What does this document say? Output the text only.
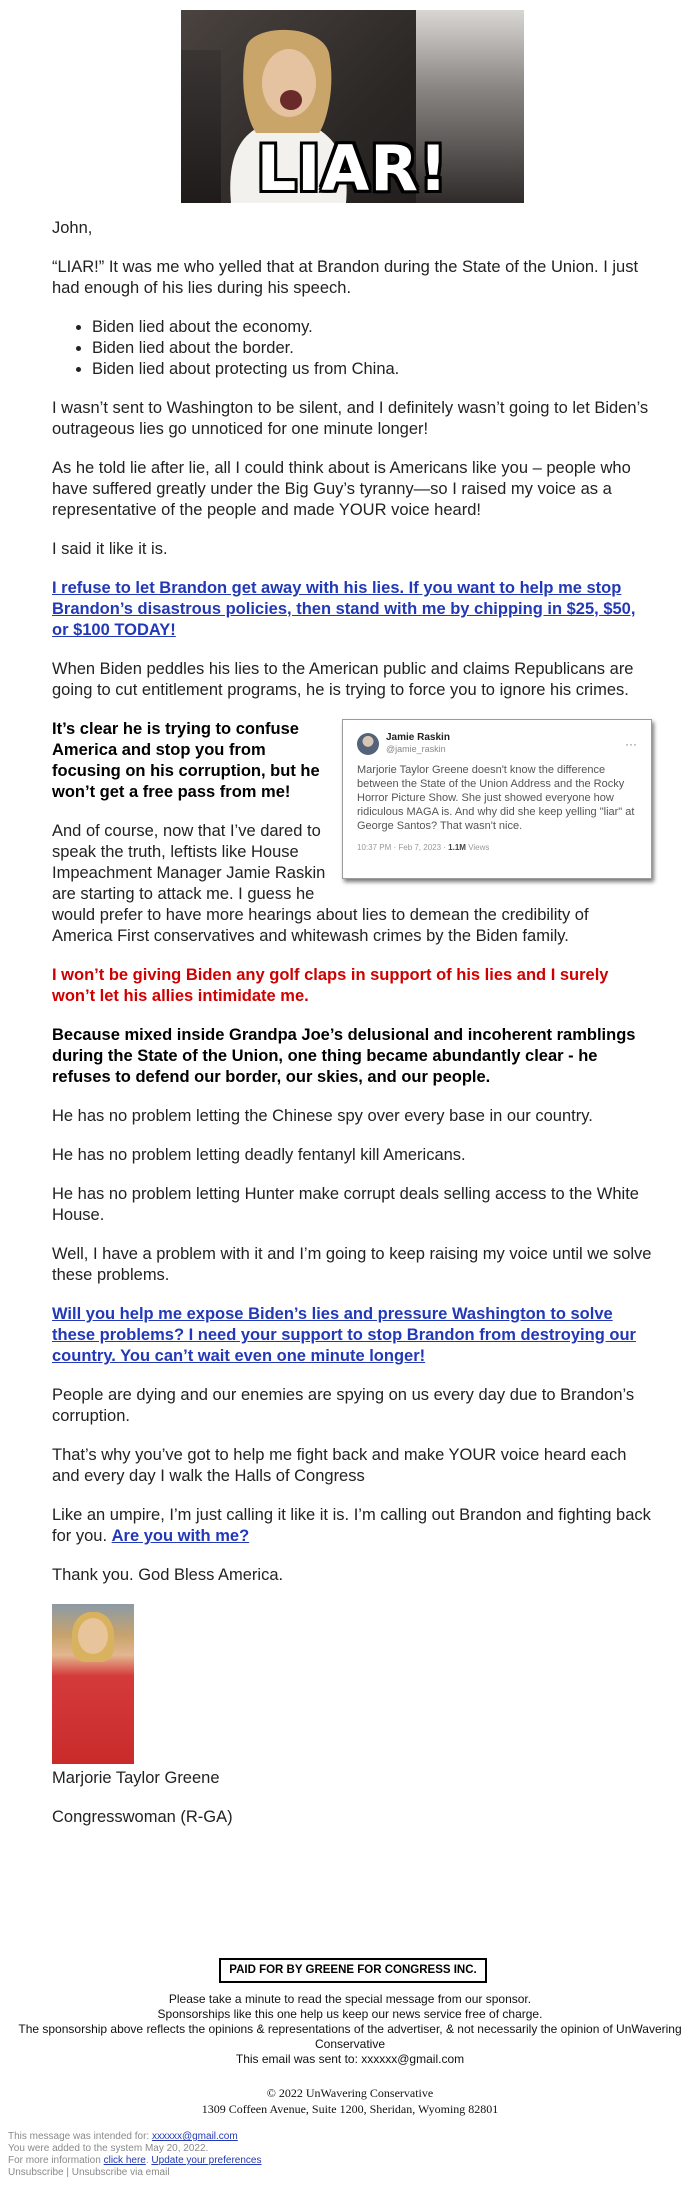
LIAR!

John,

“LIAR!” It was me who yelled that at Brandon during the State of the Union. I just had enough of his lies during his speech.

• Biden lied about the economy.
• Biden lied about the border.
• Biden lied about protecting us from China.

I wasn’t sent to Washington to be silent, and I definitely wasn’t going to let Biden’s outrageous lies go unnoticed for one minute longer!

As he told lie after lie, all I could think about is Americans like you – people who have suffered greatly under the Big Guy’s tyranny—so I raised my voice as a representative of the people and made YOUR voice heard!

I said it like it is.

I refuse to let Brandon get away with his lies. If you want to help me stop Brandon’s disastrous policies, then stand with me by chipping in $25, $50, or $100 TODAY!

When Biden peddles his lies to the American public and claims Republicans are going to cut entitlement programs, he is trying to force you to ignore his crimes.

Jamie Raskin
@jamie_raskin	···
Marjorie Taylor Greene doesn't know the difference between the State of the Union Address and the Rocky Horror Picture Show. She just showed everyone how ridiculous MAGA is. And why did she keep yelling "liar" at George Santos? That wasn't nice.
10:37 PM · Feb 7, 2023 · 1.1M Views

It’s clear he is trying to confuse America and stop you from focusing on his corruption, but he won’t get a free pass from me!

And of course, now that I’ve dared to speak the truth, leftists like House Impeachment Manager Jamie Raskin are starting to attack me. I guess he would prefer to have more hearings about lies to demean the credibility of America First conservatives and whitewash crimes by the Biden family.

I won’t be giving Biden any golf claps in support of his lies and I surely won’t let his allies intimidate me.

Because mixed inside Grandpa Joe’s delusional and incoherent ramblings during the State of the Union, one thing became abundantly clear - he refuses to defend our border, our skies, and our people.

He has no problem letting the Chinese spy over every base in our country.

He has no problem letting deadly fentanyl kill Americans.

He has no problem letting Hunter make corrupt deals selling access to the White House.

Well, I have a problem with it and I’m going to keep raising my voice until we solve these problems.

Will you help me expose Biden’s lies and pressure Washington to solve these problems? I need your support to stop Brandon from destroying our country. You can’t wait even one minute longer!

People are dying and our enemies are spying on us every day due to Brandon’s corruption.

That’s why you’ve got to help me fight back and make YOUR voice heard each and every day I walk the Halls of Congress

Like an umpire, I’m just calling it like it is. I’m calling out Brandon and fighting back for you. Are you with me?

Thank you. God Bless America.

Marjorie Taylor Greene

Congresswoman (R-GA)

PAID FOR BY GREENE FOR CONGRESS INC.
Please take a minute to read the special message from our sponsor.
Sponsorships like this one help us keep our news service free of charge.
The sponsorship above reflects the opinions & representations of the advertiser, & not necessarily the opinion of UnWavering Conservative
This email was sent to: xxxxxx@gmail.com
© 2022 UnWavering Conservative
1309 Coffeen Avenue, Suite 1200, Sheridan, Wyoming 82801
This message was intended for: xxxxxx@gmail.com
You were added to the system May 20, 2022.
For more information click here. Update your preferences
Unsubscribe | Unsubscribe via email
